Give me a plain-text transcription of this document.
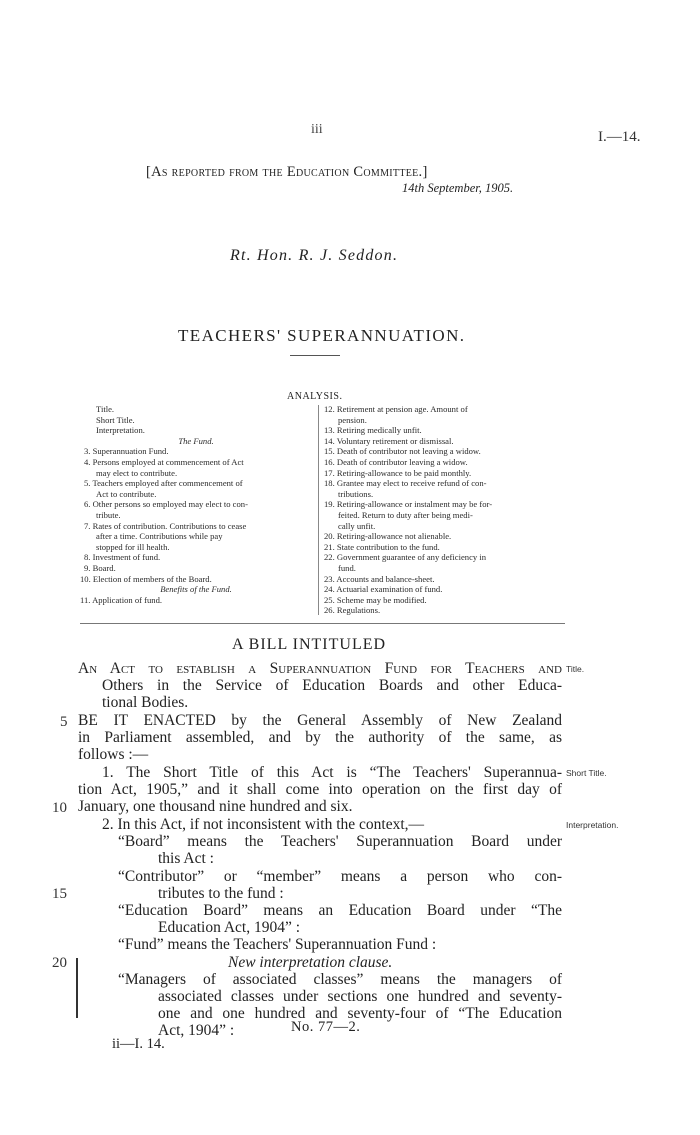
iii	I.—14.
[As reported from the Education Committee.]
14th September, 1905.
Rt. Hon. R. J. Seddon.
TEACHERS' SUPERANNUATION.
ANALYSIS.
Title.
Short Title.
Interpretation.
The Fund.
3. Superannuation Fund.
4. Persons employed at commencement of Act
may elect to contribute.
5. Teachers employed after commencement of
Act to contribute.
6. Other persons so employed may elect to con-
tribute.
7. Rates of contribution. Contributions to cease
after a time. Contributions while pay
stopped for ill health.
8. Investment of fund.
9. Board.
10. Election of members of the Board.
Benefits of the Fund.
11. Application of fund.
12. Retirement at pension age. Amount of
pension.
13. Retiring medically unfit.
14. Voluntary retirement or dismissal.
15. Death of contributor not leaving a widow.
16. Death of contributor leaving a widow.
17. Retiring-allowance to be paid monthly.
18. Grantee may elect to receive refund of con-
tributions.
19. Retiring-allowance or instalment may be for-
feited. Return to duty after being medi-
cally unfit.
20. Retiring-allowance not alienable.
21. State contribution to the fund.
22. Government guarantee of any deficiency in
fund.
23. Accounts and balance-sheet.
24. Actuarial examination of fund.
25. Scheme may be modified.
26. Regulations.
A BILL INTITULED
An Act to establish a Superannuation Fund for Teachers and
Others in the Service of Education Boards and other Educa-
tional Bodies.
BE IT ENACTED by the General Assembly of New Zealand
in Parliament assembled, and by the authority of the same, as
follows :—
1. The Short Title of this Act is “The Teachers' Superannua-
tion Act, 1905,” and it shall come into operation on the first day of
January, one thousand nine hundred and six.
2. In this Act, if not inconsistent with the context,—
“Board” means the Teachers' Superannuation Board under
this Act :
“Contributor” or “member” means a person who con-
tributes to the fund :
“Education Board” means an Education Board under “The
Education Act, 1904” :
“Fund” means the Teachers' Superannuation Fund :
New interpretation clause.
“Managers of associated classes” means the managers of
associated classes under sections one hundred and seventy-
one and one hundred and seventy-four of “The Education
Act, 1904” :	No. 77—2.
ii—I. 14.
Title.
Short Title.
Interpretation.
5
10
15
20
